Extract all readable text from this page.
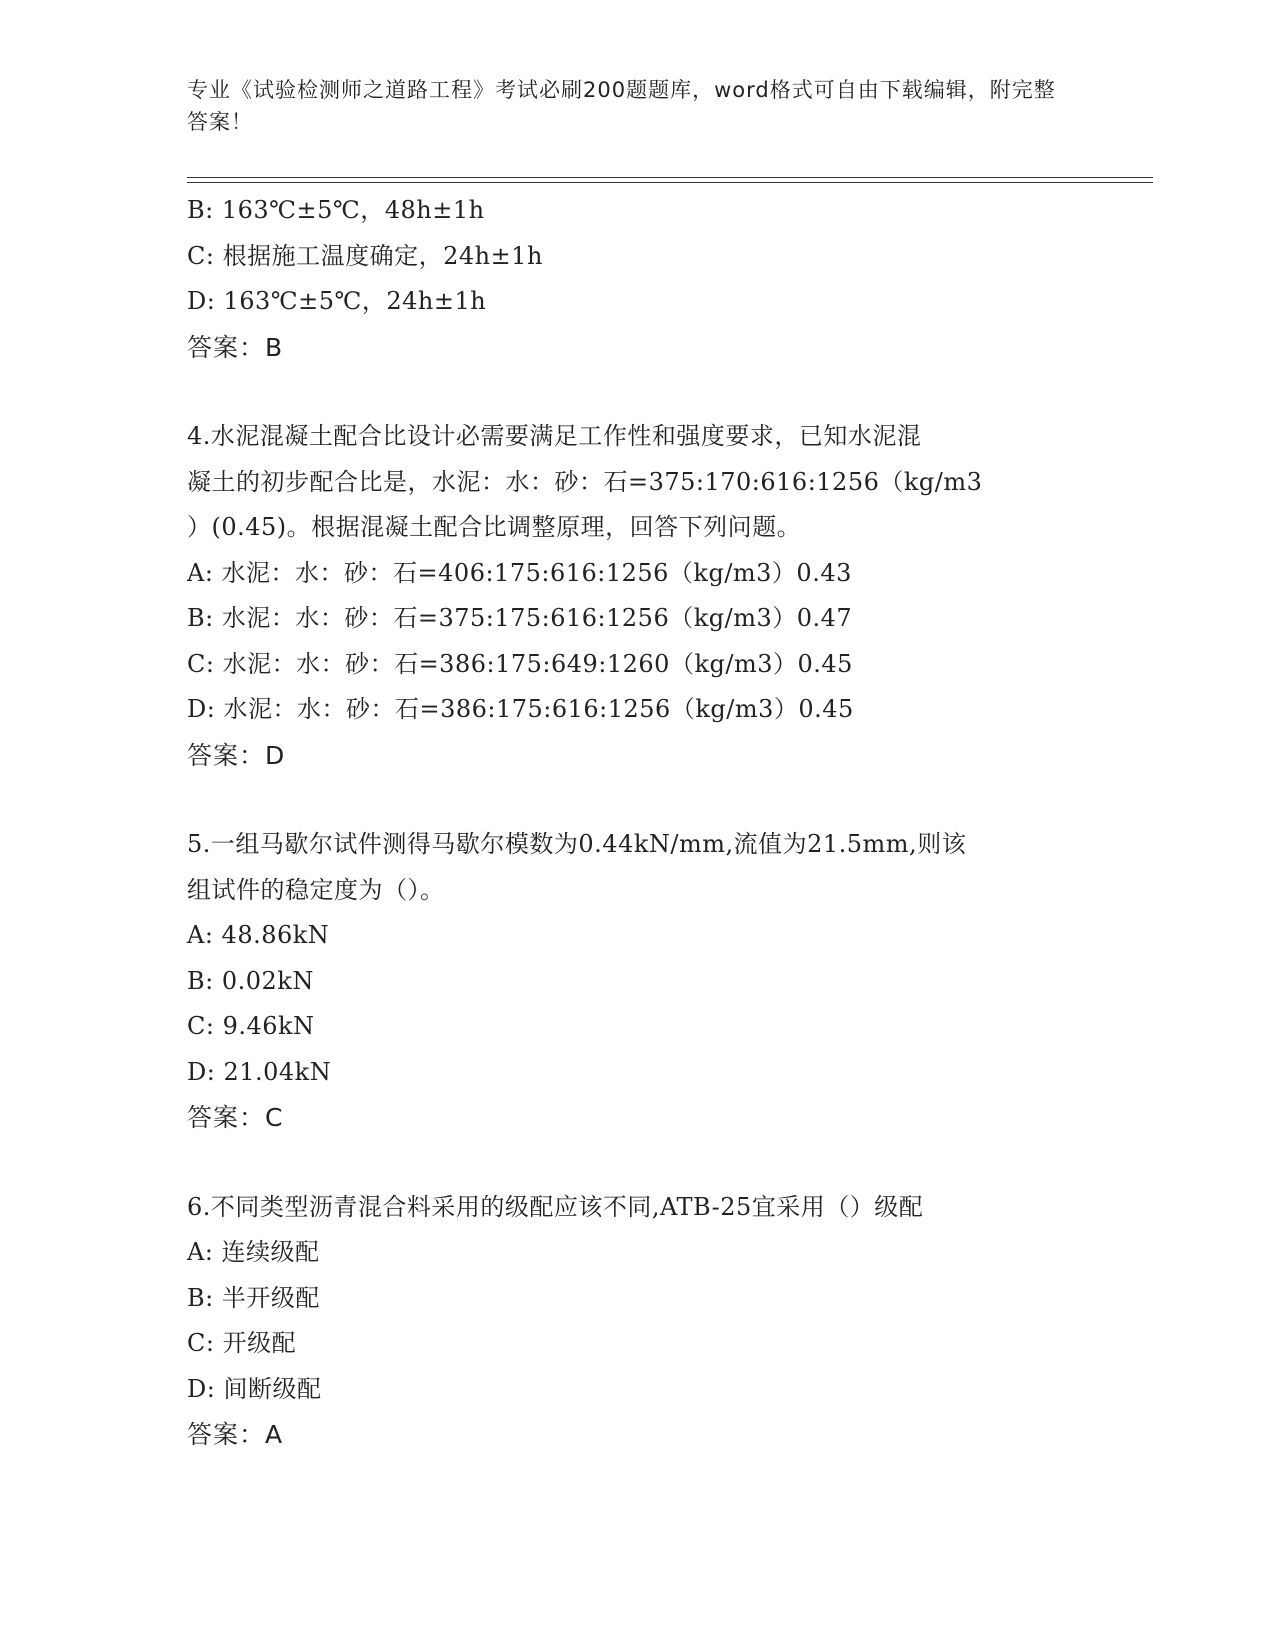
专业《试验检测师之道路工程》考试必刷200题题库，word格式可自由下载编辑，附完整答案！
B: 163℃±5℃，48h±1h
C: 根据施工温度确定，24h±1h
D: 163℃±5℃，24h±1h
答案：B
4.水泥混凝土配合比设计必需要满足工作性和强度要求，已知水泥混
凝土的初步配合比是，水泥：水：砂：石=375:170:616:1256（kg/m3
）(0.45)。根据混凝土配合比调整原理，回答下列问题。
A: 水泥：水：砂：石=406:175:616:1256（kg/m3）0.43
B: 水泥：水：砂：石=375:175:616:1256（kg/m3）0.47
C: 水泥：水：砂：石=386:175:649:1260（kg/m3）0.45
D: 水泥：水：砂：石=386:175:616:1256（kg/m3）0.45
答案：D
5.一组马歇尔试件测得马歇尔模数为0.44kN/mm,流值为21.5mm,则该
组试件的稳定度为（）。
A: 48.86kN
B: 0.02kN
C: 9.46kN
D: 21.04kN
答案：C
6.不同类型沥青混合料采用的级配应该不同,ATB-25宜采用（）级配
A: 连续级配
B: 半开级配
C: 开级配
D: 间断级配
答案：A
